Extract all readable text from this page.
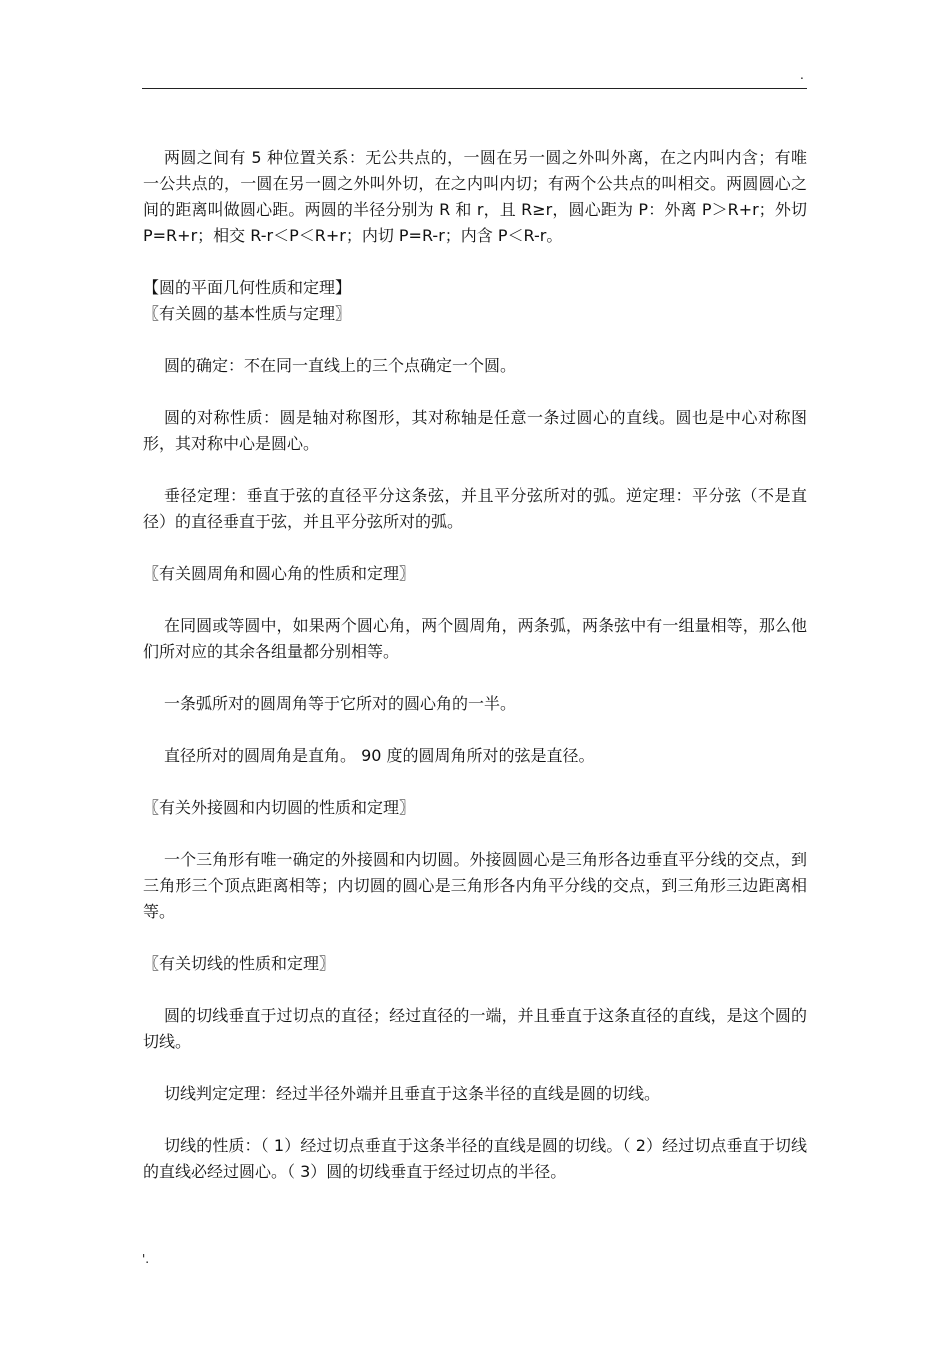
.

两圆之间有 5 种位置关系：无公共点的，一圆在另一圆之外叫外离，在之内叫内含；有唯一公共点的，一圆在另一圆之外叫外切，在之内叫内切；有两个公共点的叫相交。两圆圆心之间的距离叫做圆心距。两圆的半径分别为 R 和 r，且 R≥r，圆心距为 P：外离 P＞R+r；外切 P=R+r；相交 R-r＜P＜R+r；内切 P=R-r；内含 P＜R-r。

【圆的平面几何性质和定理】

〖有关圆的基本性质与定理〗

圆的确定：不在同一直线上的三个点确定一个圆。

圆的对称性质：圆是轴对称图形，其对称轴是任意一条过圆心的直线。圆也是中心对称图形，其对称中心是圆心。

垂径定理：垂直于弦的直径平分这条弦，并且平分弦所对的弧。逆定理：平分弦（不是直径）的直径垂直于弦，并且平分弦所对的弧。

〖有关圆周角和圆心角的性质和定理〗

在同圆或等圆中，如果两个圆心角，两个圆周角，两条弧，两条弦中有一组量相等，那么他们所对应的其余各组量都分别相等。

一条弧所对的圆周角等于它所对的圆心角的一半。

直径所对的圆周角是直角。 90 度的圆周角所对的弦是直径。

〖有关外接圆和内切圆的性质和定理〗

一个三角形有唯一确定的外接圆和内切圆。外接圆圆心是三角形各边垂直平分线的交点，到三角形三个顶点距离相等；内切圆的圆心是三角形各内角平分线的交点，到三角形三边距离相等。

〖有关切线的性质和定理〗

圆的切线垂直于过切点的直径；经过直径的一端，并且垂直于这条直径的直线，是这个圆的切线。

切线判定定理：经过半径外端并且垂直于这条半径的直线是圆的切线。

切线的性质：（ 1）经过切点垂直于这条半径的直线是圆的切线。（ 2）经过切点垂直于切线的直线必经过圆心。（ 3）圆的切线垂直于经过切点的半径。

'.
